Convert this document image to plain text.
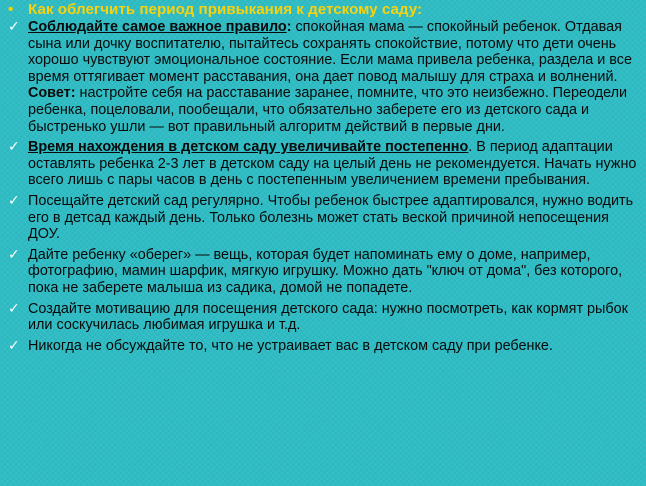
• Как облегчить период привыкания к детскому саду:
✓ Соблюдайте самое важное правило: спокойная мама — спокойный ребенок. Отдавая сына или дочку воспитателю, пытайтесь сохранять спокойствие, потому что дети очень хорошо чувствуют эмоциональное состояние. Если мама привела ребенка, раздела и все время оттягивает момент расставания, она дает повод малышу для страха и волнений. Совет: настройте себя на расставание заранее, помните, что это неизбежно. Переодели ребенка, поцеловали, пообещали, что обязательно заберете его из детского сада и быстренько ушли — вот правильный алгоритм действий в первые дни.
✓ Время нахождения в детском саду увеличивайте постепенно. В период адаптации оставлять ребенка 2-3 лет в детском саду на целый день не рекомендуется. Начать нужно всего лишь с пары часов в день с постепенным увеличением времени пребывания.
✓ Посещайте детский сад регулярно. Чтобы ребенок быстрее адаптировался, нужно водить его в детсад каждый день. Только болезнь может стать веской причиной непосещения ДОУ.
✓ Дайте ребенку «оберег» — вещь, которая будет напоминать ему о доме, например, фотографию, мамин шарфик, мягкую игрушку. Можно дать "ключ от дома", без которого, пока не заберете малыша из садика, домой не попадете.
✓ Создайте мотивацию для посещения детского сада: нужно посмотреть, как кормят рыбок или соскучилась любимая игрушка и т.д.
✓ Никогда не обсуждайте то, что не устраивает вас в детском саду при ребенке.
